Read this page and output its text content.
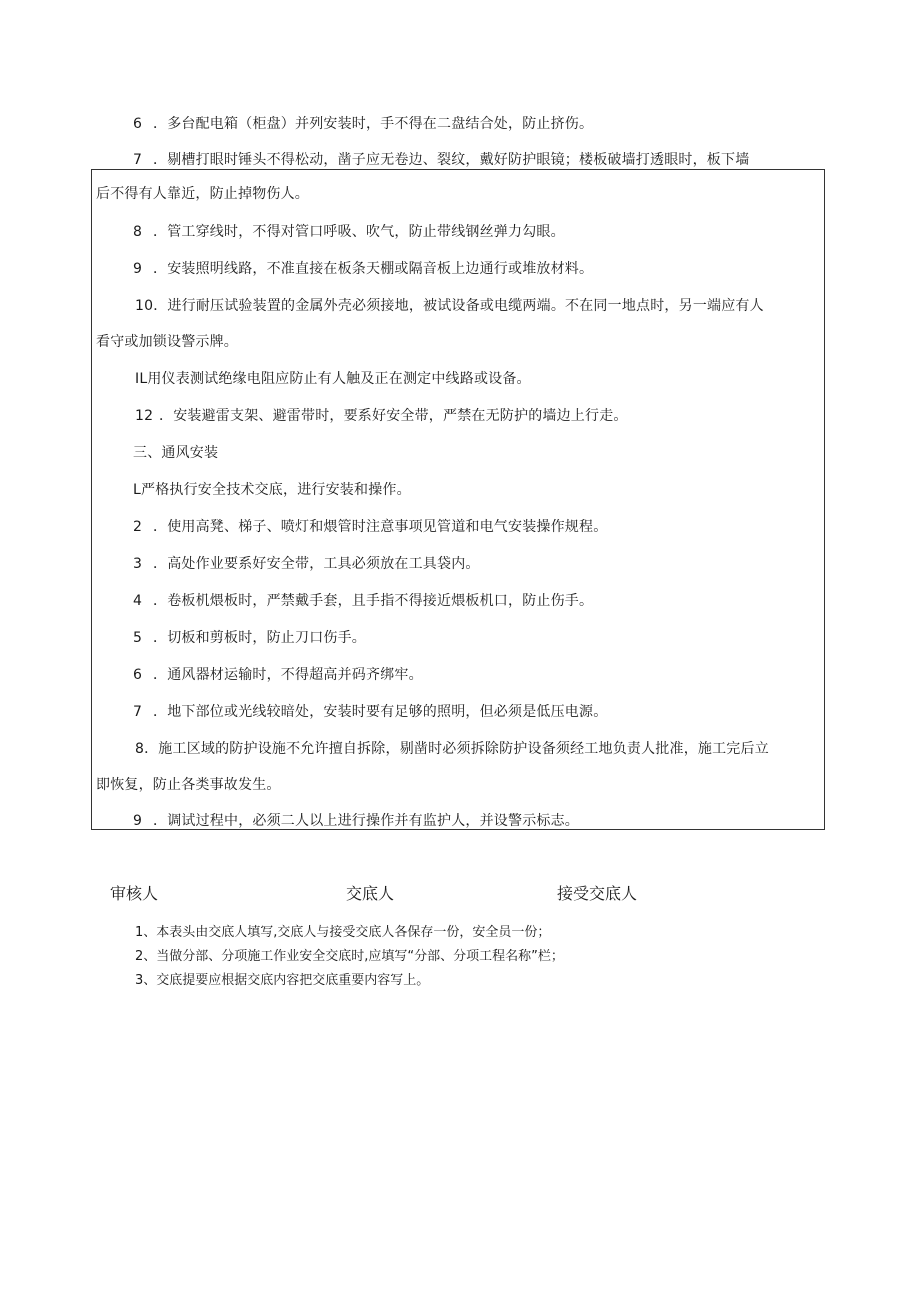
6 ．多台配电箱（柜盘）并列安装时，手不得在二盘结合处，防止挤伤。
7 ．剔槽打眼时锤头不得松动，凿子应无卷边、裂纹，戴好防护眼镜；楼板破墙打透眼时，板下墙
后不得有人靠近，防止掉物伤人。
8 ．管工穿线时，不得对管口呼吸、吹气，防止带线钢丝弹力勾眼。
9 ．安装照明线路，不准直接在板条天棚或隔音板上边通行或堆放材料。
10．进行耐压试验装置的金属外壳必须接地，被试设备或电缆两端。不在同一地点时，另一端应有人
看守或加锁设警示牌。
IL用仪表测试绝缘电阻应防止有人触及正在测定中线路或设备。
12 ．安装避雷支架、避雷带时，要系好安全带，严禁在无防护的墙边上行走。
三、通风安装
L严格执行安全技术交底，进行安装和操作。
2 ．使用高凳、梯子、喷灯和煨管时注意事项见管道和电气安装操作规程。
3 ．高处作业要系好安全带，工具必须放在工具袋内。
4 ．卷板机煨板时，严禁戴手套，且手指不得接近煨板机口，防止伤手。
5 ．切板和剪板时，防止刀口伤手。
6 ．通风器材运输时，不得超高并码齐绑牢。
7 ．地下部位或光线较暗处，安装时要有足够的照明，但必须是低压电源。
8．施工区域的防护设施不允许擅自拆除，剔凿时必须拆除防护设备须经工地负责人批准，施工完后立
即恢复，防止各类事故发生。
9 ．调试过程中，必须二人以上进行操作并有监护人，并设警示标志。
审核人	交底人	接受交底人
1、本表头由交底人填写,交底人与接受交底人各保存一份，安全员一份；
2、当做分部、分项施工作业安全交底时,应填写“分部、分项工程名称”栏；
3、交底提要应根据交底内容把交底重要内容写上。
